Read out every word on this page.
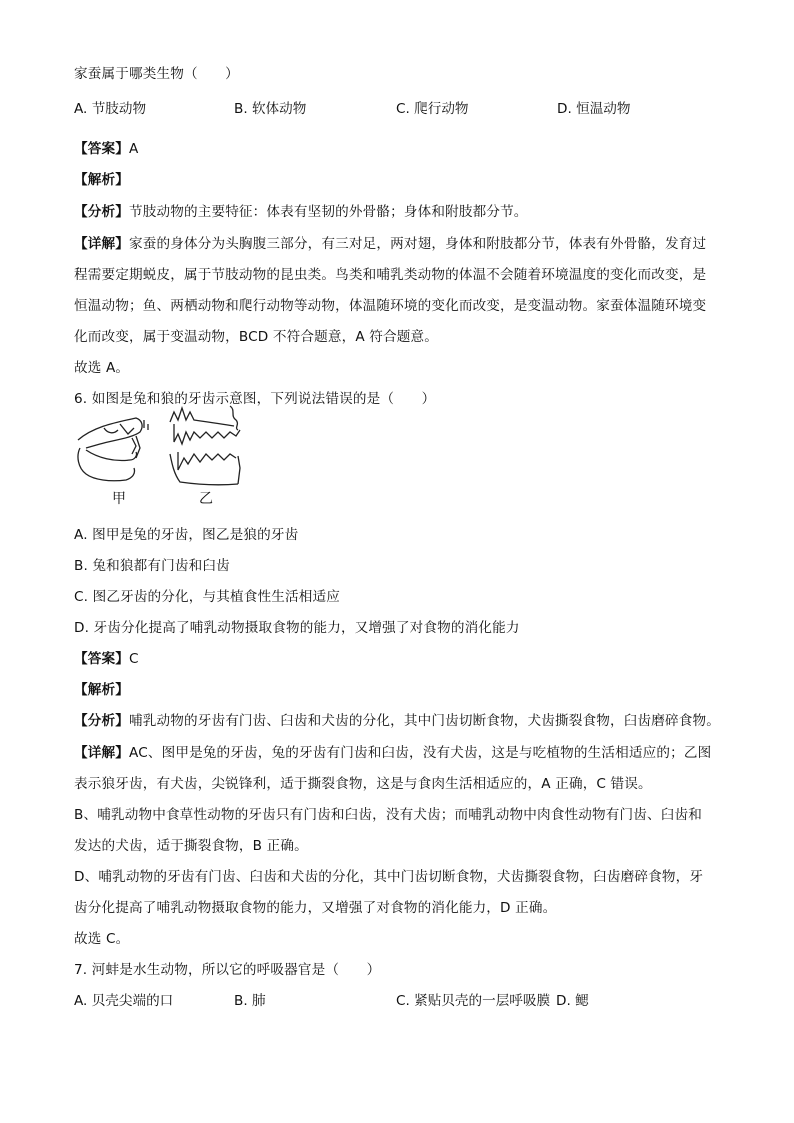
家蚕属于哪类生物（　　）
A. 节肢动物	B. 软体动物	C. 爬行动物	D. 恒温动物
【答案】A
【解析】
【分析】节肢动物的主要特征：体表有坚韧的外骨骼；身体和附肢都分节。
【详解】家蚕的身体分为头胸腹三部分，有三对足，两对翅，身体和附肢都分节，体表有外骨骼，发育过
程需要定期蜕皮，属于节肢动物的昆虫类。鸟类和哺乳类动物的体温不会随着环境温度的变化而改变，是
恒温动物；鱼、两栖动物和爬行动物等动物，体温随环境的变化而改变，是变温动物。家蚕体温随环境变
化而改变，属于变温动物，BCD 不符合题意，A 符合题意。
故选 A。
6. 如图是兔和狼的牙齿示意图，下列说法错误的是（　　）
甲	乙
A. 图甲是兔的牙齿，图乙是狼的牙齿
B. 兔和狼都有门齿和臼齿
C. 图乙牙齿的分化，与其植食性生活相适应
D. 牙齿分化提高了哺乳动物摄取食物的能力，又增强了对食物的消化能力
【答案】C
【解析】
【分析】哺乳动物的牙齿有门齿、臼齿和犬齿的分化，其中门齿切断食物，犬齿撕裂食物，臼齿磨碎食物。
【详解】AC、图甲是兔的牙齿，兔的牙齿有门齿和臼齿，没有犬齿，这是与吃植物的生活相适应的；乙图
表示狼牙齿，有犬齿，尖锐锋利，适于撕裂食物，这是与食肉生活相适应的，A 正确，C 错误。
B、哺乳动物中食草性动物的牙齿只有门齿和臼齿，没有犬齿；而哺乳动物中肉食性动物有门齿、臼齿和
发达的犬齿，适于撕裂食物，B 正确。
D、哺乳动物的牙齿有门齿、臼齿和犬齿的分化，其中门齿切断食物，犬齿撕裂食物，臼齿磨碎食物，牙
齿分化提高了哺乳动物摄取食物的能力，又增强了对食物的消化能力，D 正确。
故选 C。
7. 河蚌是水生动物，所以它的呼吸器官是（　　）
A. 贝壳尖端的口	B. 肺	C. 紧贴贝壳的一层呼吸膜 D. 鳃
